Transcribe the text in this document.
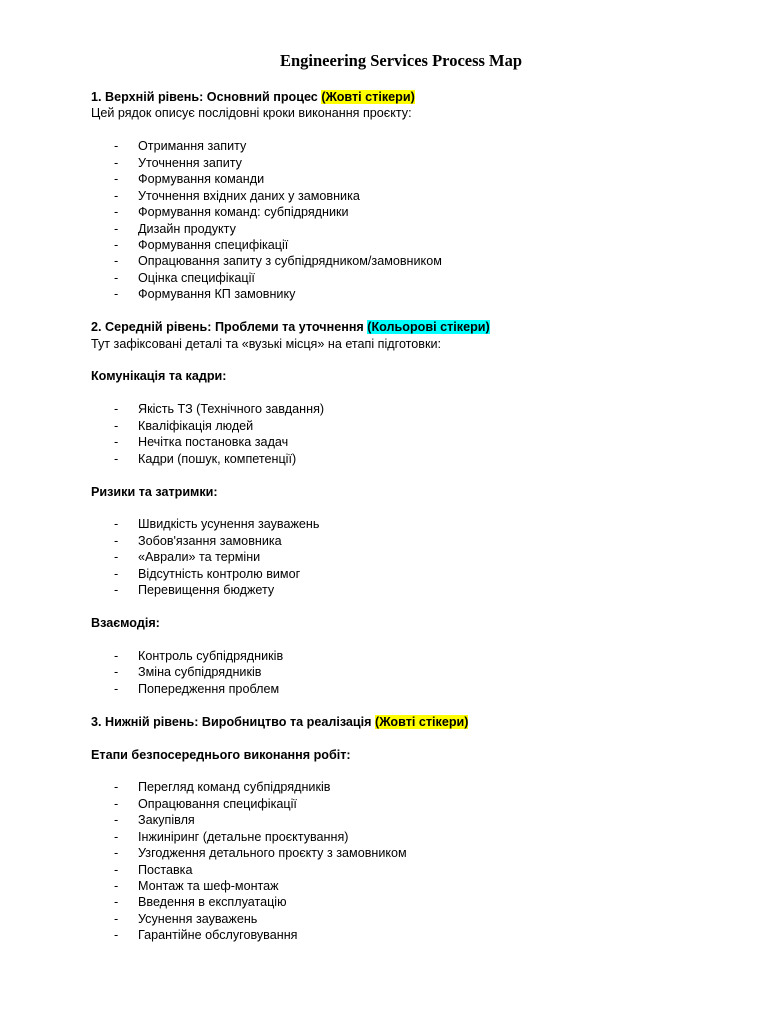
Engineering Services Process Map
1. Верхній рівень: Основний процес (Жовті стікери)
Цей рядок описує послідовні кроки виконання проєкту:
- Отримання запиту
- Уточнення запиту
- Формування команди
- Уточнення вхідних даних у замовника
- Формування команд: субпідрядники
- Дизайн продукту
- Формування специфікації
- Опрацювання запиту з субпідрядником/замовником
- Оцінка специфікації
- Формування КП замовнику
2. Середній рівень: Проблеми та уточнення (Кольорові стікери)
Тут зафіксовані деталі та «вузькі місця» на етапі підготовки:
Комунікація та кадри:
- Якість ТЗ (Технічного завдання)
- Кваліфікація людей
- Нечітка постановка задач
- Кадри (пошук, компетенції)
Ризики та затримки:
- Швидкість усунення зауважень
- Зобов'язання замовника
- «Аврали» та терміни
- Відсутність контролю вимог
- Перевищення бюджету
Взаємодія:
- Контроль субпідрядників
- Зміна субпідрядників
- Попередження проблем
3. Нижній рівень: Виробництво та реалізація (Жовті стікери)
Етапи безпосереднього виконання робіт:
- Перегляд команд субпідрядників
- Опрацювання специфікації
- Закупівля
- Інжиніринг (детальне проєктування)
- Узгодження детального проєкту з замовником
- Поставка
- Монтаж та шеф-монтаж
- Введення в експлуатацію
- Усунення зауважень
- Гарантійне обслуговування
